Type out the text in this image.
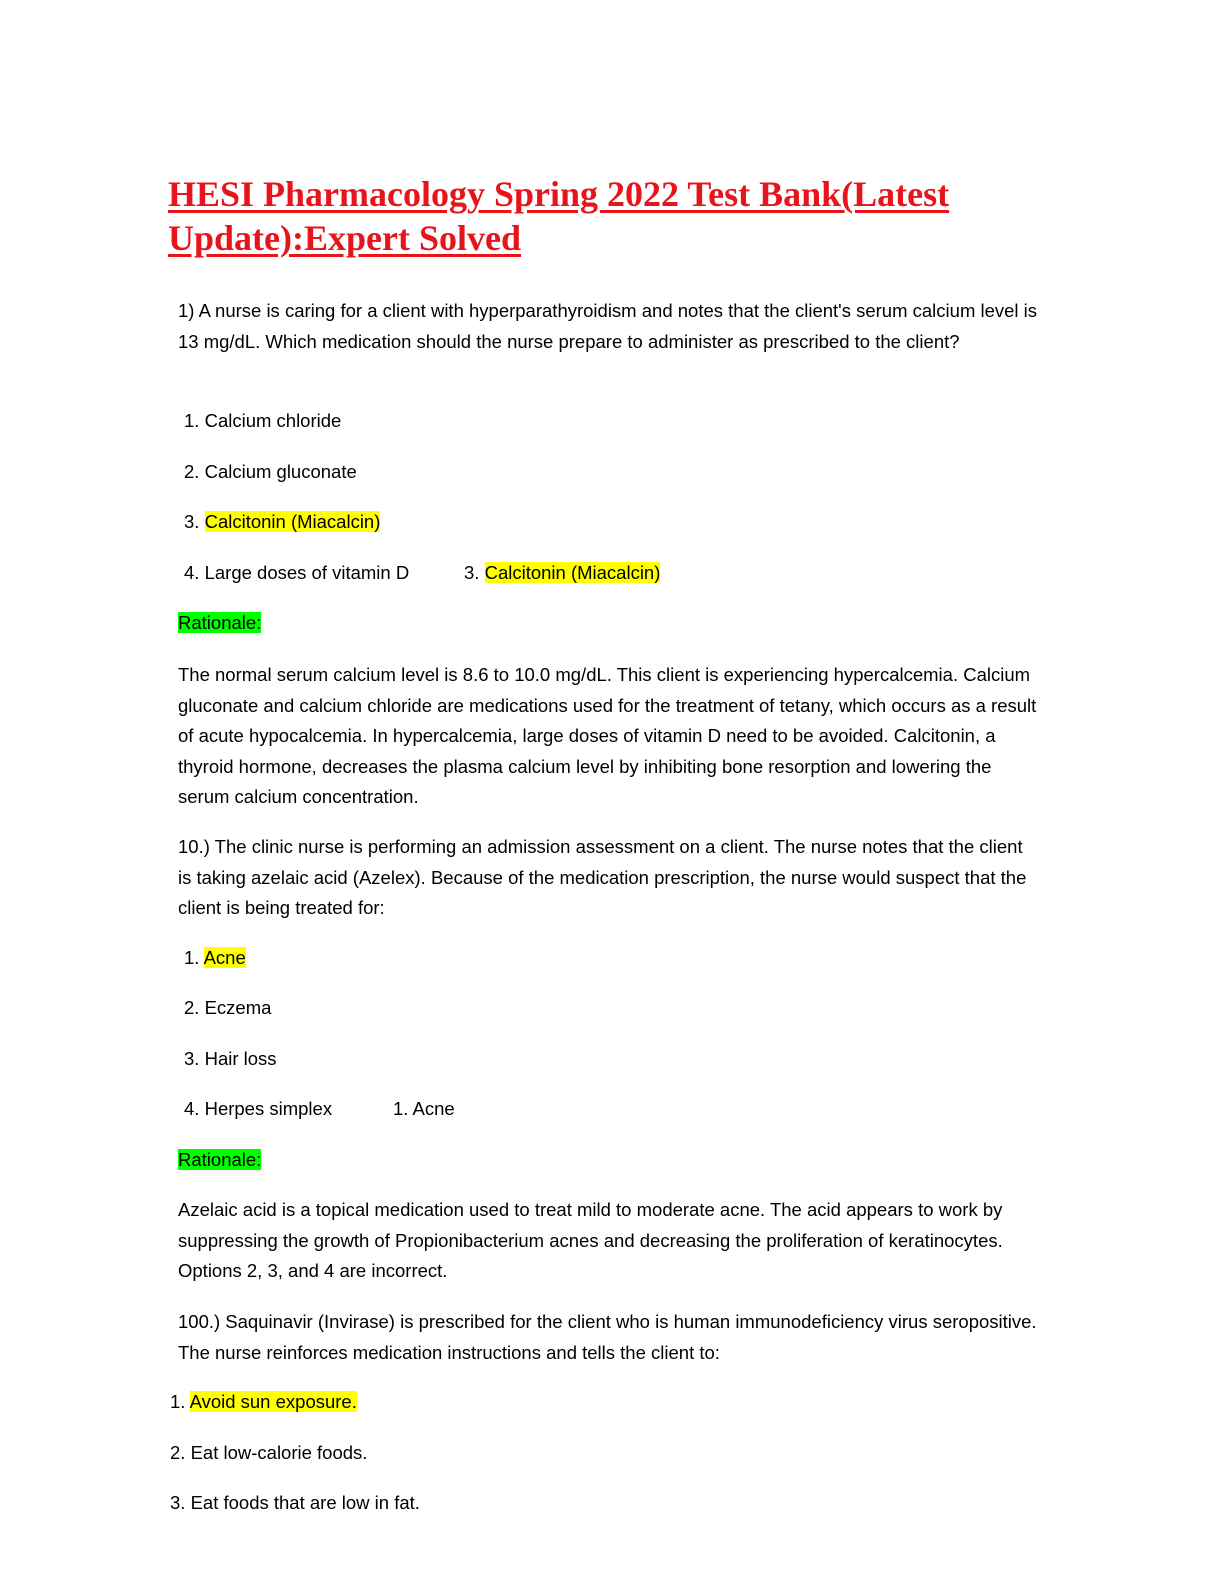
HESI Pharmacology Spring 2022 Test Bank(Latest Update):Expert Solved

1) A nurse is caring for a client with hyperparathyroidism and notes that the client's serum calcium level is 13 mg/dL. Which medication should the nurse prepare to administer as prescribed to the client?

1. Calcium chloride
2. Calcium gluconate
3. Calcitonin (Miacalcin)
4. Large doses of vitamin D	3. Calcitonin (Miacalcin)
Rationale:

The normal serum calcium level is 8.6 to 10.0 mg/dL. This client is experiencing hypercalcemia. Calcium gluconate and calcium chloride are medications used for the treatment of tetany, which occurs as a result of acute hypocalcemia. In hypercalcemia, large doses of vitamin D need to be avoided. Calcitonin, a thyroid hormone, decreases the plasma calcium level by inhibiting bone resorption and lowering the serum calcium concentration.

10.) The clinic nurse is performing an admission assessment on a client. The nurse notes that the client is taking azelaic acid (Azelex). Because of the medication prescription, the nurse would suspect that the client is being treated for:

1. Acne
2. Eczema
3. Hair loss
4. Herpes simplex	1. Acne
Rationale:

Azelaic acid is a topical medication used to treat mild to moderate acne. The acid appears to work by suppressing the growth of Propionibacterium acnes and decreasing the proliferation of keratinocytes. Options 2, 3, and 4 are incorrect.

100.) Saquinavir (Invirase) is prescribed for the client who is human immunodeficiency virus seropositive. The nurse reinforces medication instructions and tells the client to:

1. Avoid sun exposure.
2. Eat low-calorie foods.
3. Eat foods that are low in fat.
